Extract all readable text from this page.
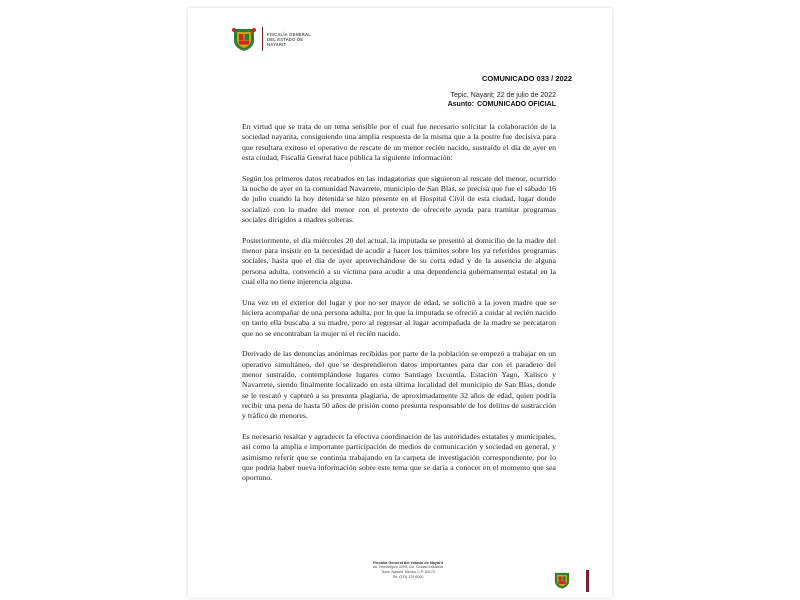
FISCALÍA GENERAL
DEL ESTADO DE
NAYARIT
COMUNICADO 033 / 2022
Tepic, Nayarit; 22 de julio de 2022
Asunto: COMUNICADO OFICIAL

En virtud que se trata de un tema sensible por el cual fue necesario solicitar la colaboración de la sociedad nayarita, consiguiendo una amplia respuesta de la misma que a la postre fue decisiva para que resultara exitoso el operativo de rescate de un menor recién nacido, sustraído el día de ayer en esta ciudad, Fiscalía General hace pública la siguiente información:

Según los primeros datos recabados en las indagatorias que siguieron al rescate del menor, ocurrido la noche de ayer en la comunidad Navarrete, municipio de San Blas, se precisa que fue el sábado 16 de julio cuando la hoy detenida se hizo presente en el Hospital Civil de esta ciudad, lugar donde socializó con la madre del menor con el pretexto de ofrecerle ayuda para tramitar programas sociales dirigidos a madres solteras.

Posteriormente, el día miércoles 20 del actual, la imputada se presentó al domicilio de la madre del menor para insistir en la necesidad de acudir a hacer los trámites sobre los ya referidos programas sociales, hasta que el día de ayer aprovechándose de su corta edad y de la ausencia de alguna persona adulta, convenció a su víctima para acudir a una dependencia gubernamental estatal en la cual ella no tiene injerencia alguna.

Una vez en el exterior del lugar y por no ser mayor de edad, se solicitó a la joven madre que se hiciera acompañar de una persona adulta, por lo que la imputada se ofreció a cuidar al recién nacido en tanto ella buscaba a su madre, pero al regresar al lugar acompañada de la madre se percataron que no se encontraban la mujer ni el recién nacido.

Derivado de las denuncias anónimas recibidas por parte de la población se empezó a trabajar en un operativo simultáneo, del que se desprendieron datos importantes para dar con el paradero del menor sustraído, contemplándose lugares como Santiago Ixcuintla, Estación Yago, Xalisco y Navarrete, siendo finalmente localizado en esta última localidad del municipio de San Blas, donde se le rescató y capturó a su presunta plagiaria, de aproximadamente 32 años de edad, quien podría recibir una pena de hasta 50 años de prisión como presunta responsable de los delitos de sustracción y tráfico de menores.

Es necesario resaltar y agradecer la efectiva coordinación de las autoridades estatales y municipales, así como la amplia e importante participación de medios de comunicación y sociedad en general, y asimismo referir que se continúa trabajando en la carpeta de investigación correspondiente, por lo que podría haber nueva información sobre este tema que se daría a conocer en el momento que sea oportuno.

Fiscalía General del estado de Nayarit
Av. Tecnológico 3200, Col. Ciudad Industrial
Tepic, Nayarit. México C.P. 63173
Tel. (311) 129 6000
